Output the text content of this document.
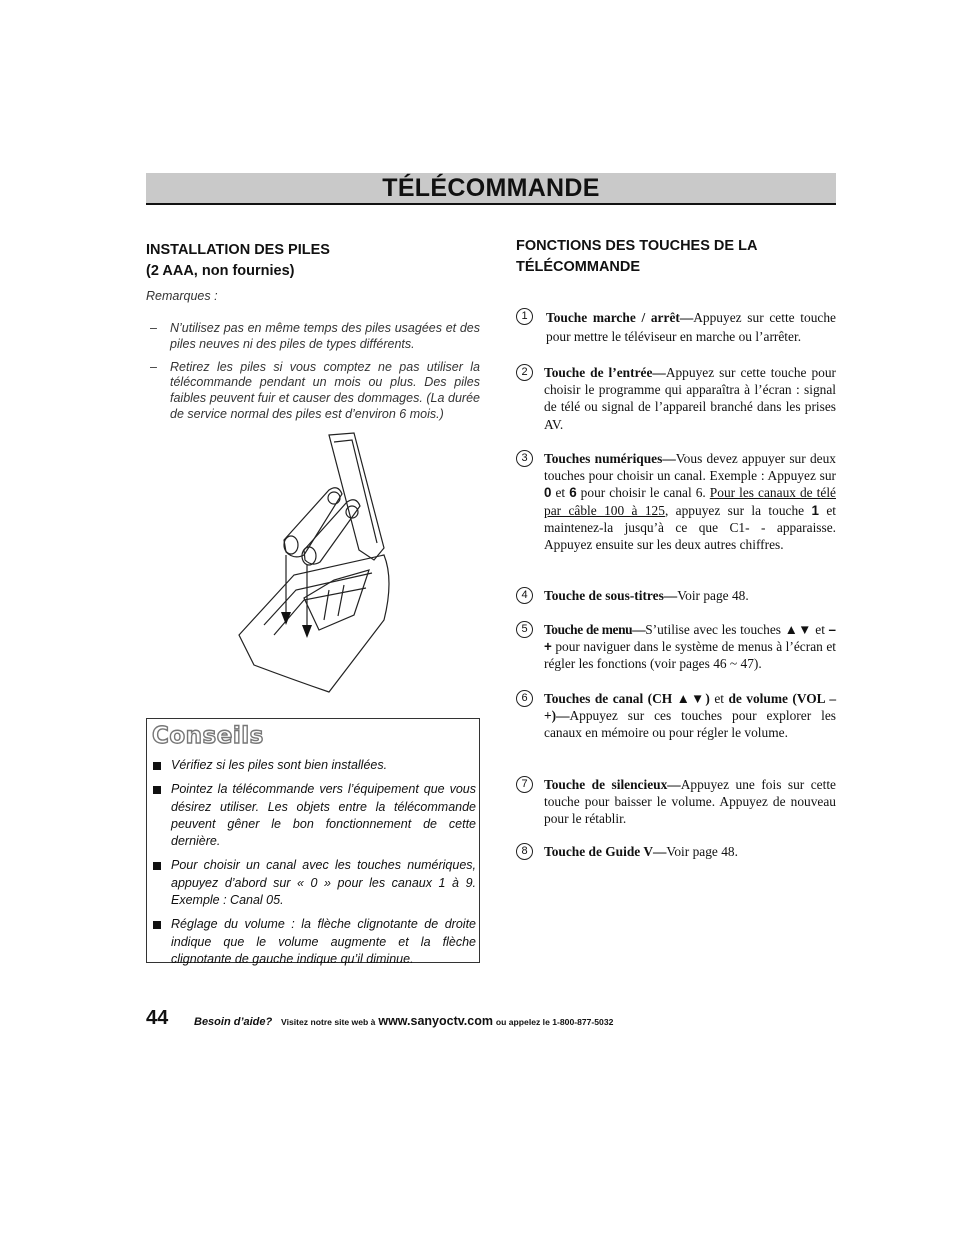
TÉLÉCOMMANDE

INSTALLATION DES PILES

(2 AAA, non fournies)

Remarques :

– N’utilisez pas en même temps des piles usagées et des piles neuves ni des piles de types différents.
– Retirez les piles si vous comptez ne pas utiliser la télécommande pendant un mois ou plus. Des piles faibles peuvent fuir et causer des dommages. (La durée de service normal des piles est d’environ 6 mois.)
Conseils
Vérifiez si les piles sont bien installées.
Pointez la télécommande vers l’équipement que vous désirez utiliser. Les objets entre la télécommande peuvent gêner le bon fonctionnement de cette dernière.
Pour choisir un canal avec les touches numériques, appuyez d’abord sur « 0 » pour les canaux 1 à 9. Exemple : Canal 05.
Réglage du volume : la flèche clignotante de droite indique que le volume augmente et la flèche clignotante de gauche indique qu’il diminue.

FONCTIONS DES TOUCHES DE LA

TÉLÉCOMMANDE

1	Touche marche / arrêt—Appuyez sur cette touche pour mettre le téléviseur en marche ou l’arrêter.
2	Touche de l’entrée—Appuyez sur cette touche pour choisir le programme qui apparaîtra à l’écran : signal de télé ou signal de l’appareil branché dans les prises AV.
3	Touches numériques—Vous devez appuyer sur deux touches pour choisir un canal. Exemple : Appuyez sur 0 et 6 pour choisir le canal 6. Pour les canaux de télé par câble 100 à 125, appuyez sur la touche 1 et maintenez-la jusqu’à ce que C1- - apparaisse. Appuyez ensuite sur les deux autres chiffres.
4	Touche de sous-titres—Voir page 48.
5	Touche de menu—S’utilise avec les touches ▲▼ et – + pour naviguer dans le système de menus à l’écran et régler les fonctions (voir pages 46 ~ 47).
6	Touches de canal (CH ▲▼) et de volume (VOL – +)—Appuyez sur ces touches pour explorer les canaux en mémoire ou pour régler le volume.
7	Touche de silencieux—Appuyez une fois sur cette touche pour baisser le volume. Appuyez de nouveau pour le rétablir.
8	Touche de Guide V—Voir page 48.
44 Besoin d’aide? Visitez notre site web à www.sanyoctv.com ou appelez le 1-800-877-5032
